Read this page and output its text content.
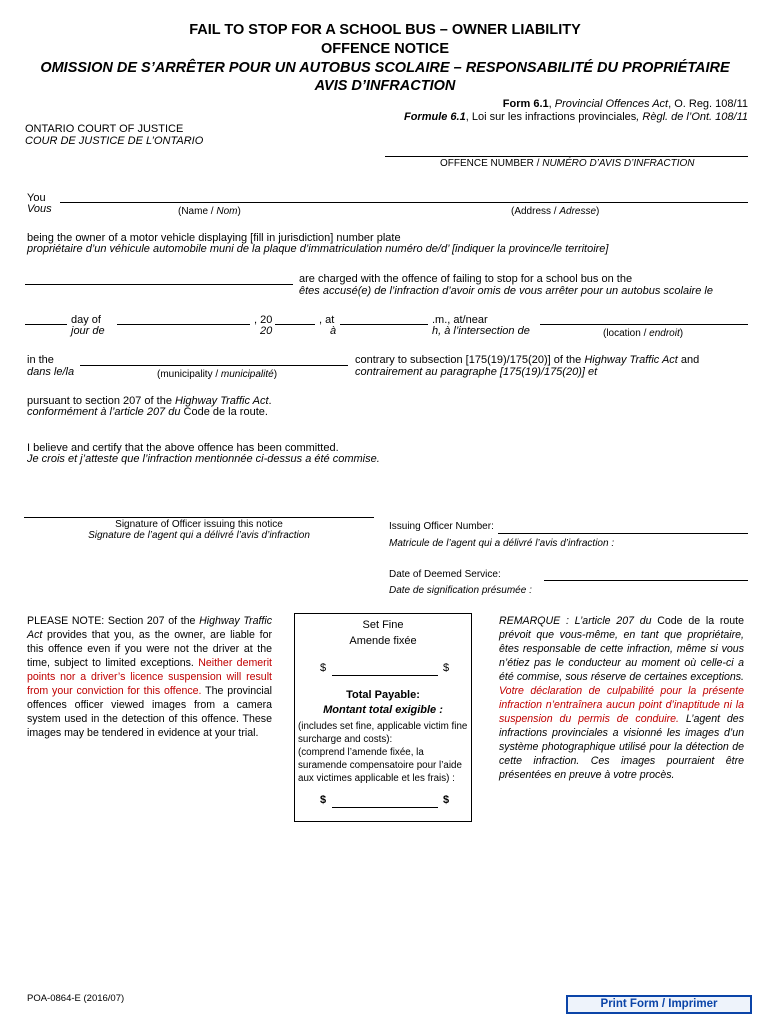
FAIL TO STOP FOR A SCHOOL BUS – OWNER LIABILITY
OFFENCE NOTICE
OMISSION DE S’ARRÊTER POUR UN AUTOBUS SCOLAIRE – RESPONSABILITÉ DU PROPRIÉTAIRE
AVIS D’INFRACTION
Form 6.1, Provincial Offences Act, O. Reg. 108/11
Formule 6.1, Loi sur les infractions provinciales, Règl. de l’Ont. 108/11
ONTARIO COURT OF JUSTICE
COUR DE JUSTICE DE L’ONTARIO
OFFENCE NUMBER / NUMÉRO D’AVIS D’INFRACTION
You
Vous	(Name / Nom)	(Address / Adresse)
being the owner of a motor vehicle displaying [fill in jurisdiction] number plate
propriétaire d’un véhicule automobile muni de la plaque d’immatriculation numéro de/d’ [indiquer la province/le territoire]
are charged with the offence of failing to stop for a school bus on the
êtes accusé(e) de l’infraction d’avoir omis de vous arrêter pour un autobus scolaire le
day of
jour de
, 20
20
, at
à
.m., at/near
h, à l’intersection de	(location / endroit)
in the
dans le/la	(municipality / municipalité)
contrary to subsection [175(19)/175(20)] of the Highway Traffic Act and
contrairement au paragraphe [175(19)/175(20)] et
pursuant to section 207 of the Highway Traffic Act.
conformément à l’article 207 du Code de la route.
I believe and certify that the above offence has been committed.
Je crois et j’atteste que l’infraction mentionnée ci-dessus a été commise.
Signature of Officer issuing this notice
Signature de l’agent qui a délivré l’avis d’infraction
Issuing Officer Number:
Matricule de l’agent qui a délivré l’avis d’infraction :
Date of Deemed Service:
Date de signification présumée :
PLEASE NOTE: Section 207 of the Highway Traffic Act provides that you, as the owner, are liable for this offence even if you were not the driver at the time, subject to limited exceptions. Neither demerit points nor a driver’s licence suspension will result from your conviction for this offence. The provincial offences officer viewed images from a camera system used in the detection of this offence. These images may be tendered in evidence at your trial.
Set Fine
Amende fixée
$	$
Total Payable:
Montant total exigible :
(includes set fine, applicable victim fine surcharge and costs):
(comprend l’amende fixée, la suramende compensatoire pour l’aide aux victimes applicable et les frais) :
$	$
REMARQUE : L’article 207 du Code de la route prévoit que vous-même, en tant que propriétaire, êtes responsable de cette infraction, même si vous n’étiez pas le conducteur au moment où celle-ci a été commise, sous réserve de certaines exceptions. Votre déclaration de culpabilité pour la présente infraction n’entraînera aucun point d’inaptitude ni la suspension du permis de conduire. L’agent des infractions provinciales a visionné les images d’un système photographique utilisé pour la détection de cette infraction. Ces images pourraient être présentées en preuve à votre procès.
POA-0864-E (2016/07)	Print Form / Imprimer
